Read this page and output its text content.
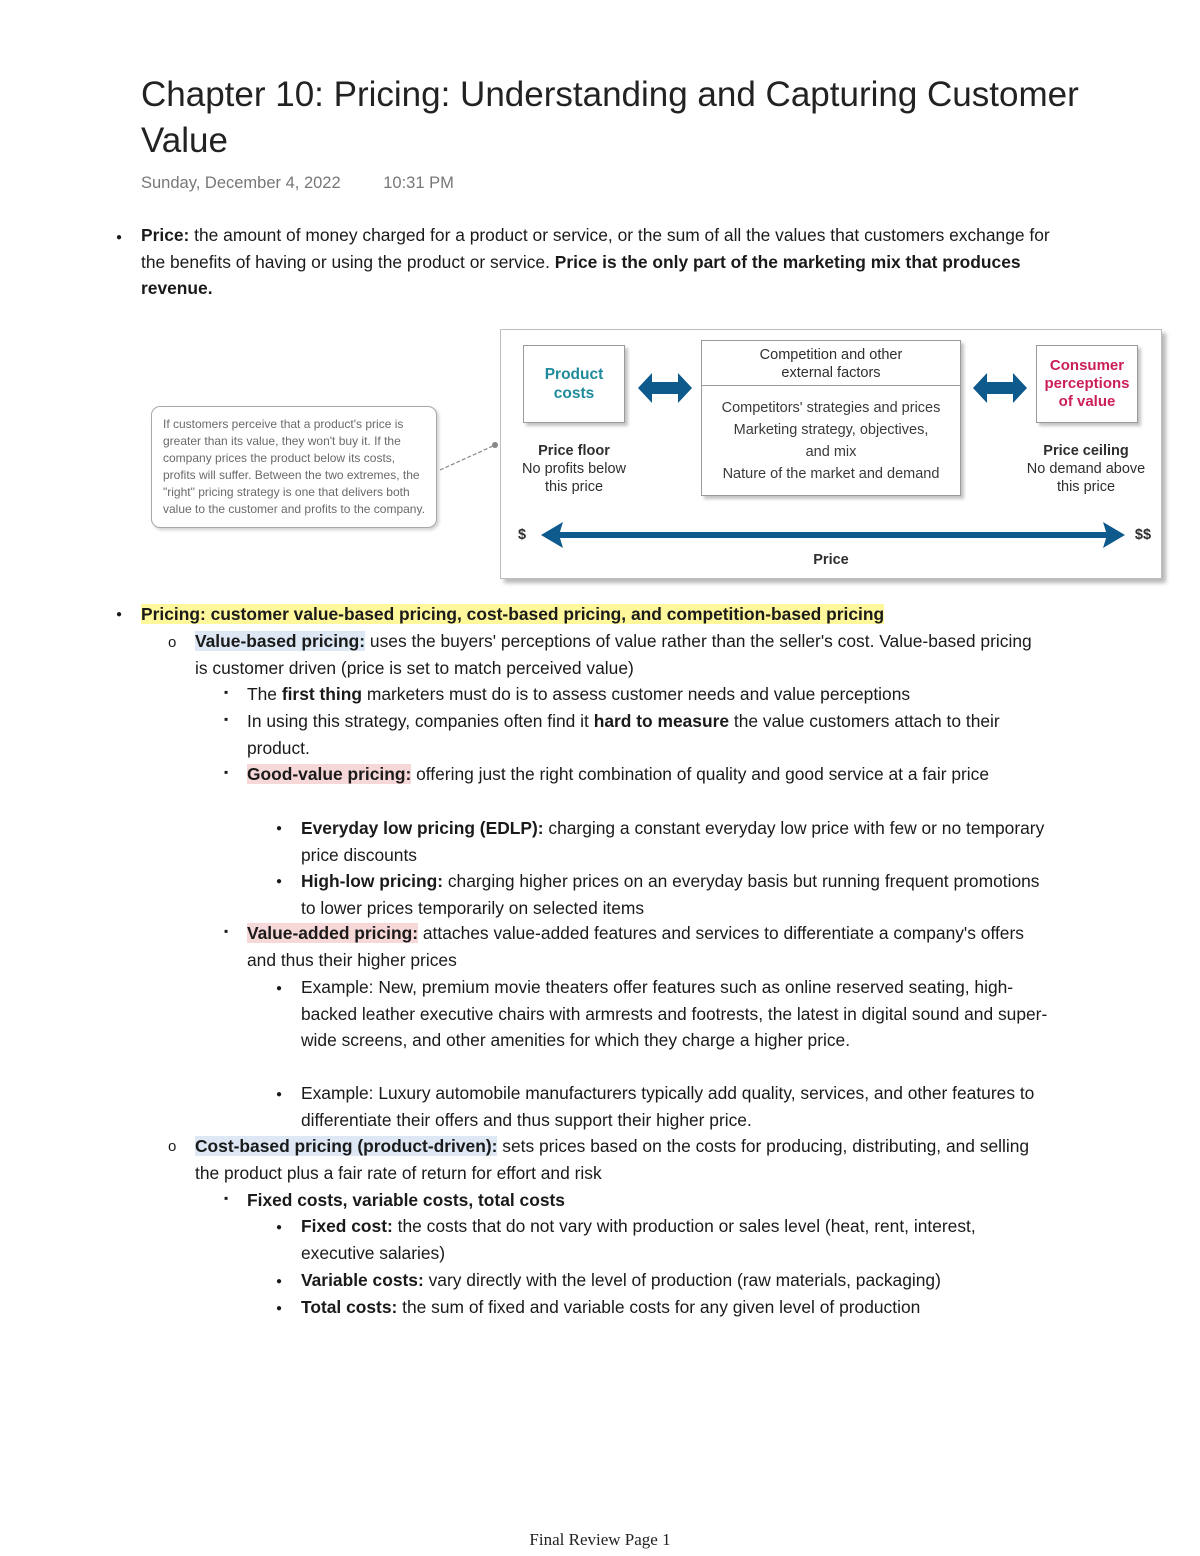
Chapter 10: Pricing: Understanding and Capturing Customer Value
Sunday, December 4, 2022	10:31 PM
● Price: the amount of money charged for a product or service, or the sum of all the values that customers exchange for the benefits of having or using the product or service. Price is the only part of the marketing mix that produces revenue.
If customers perceive that a product's price is greater than its value, they won't buy it. If the company prices the product below its costs, profits will suffer. Between the two extremes, the "right" pricing strategy is one that delivers both value to the customer and profits to the company.
Product
costs
Competition and other
external factors
Competitors' strategies and prices
Marketing strategy, objectives,
and mix
Nature of the market and demand
Consumer
perceptions
of value
Price floor
No profits below
this price
Price ceiling
No demand above
this price
$	$$
Price
● Pricing: customer value-based pricing, cost-based pricing, and competition-based pricing
o Value-based pricing: uses the buyers' perceptions of value rather than the seller's cost. Value-based pricing is customer driven (price is set to match perceived value)
▪ The first thing marketers must do is to assess customer needs and value perceptions
▪ In using this strategy, companies often find it hard to measure the value customers attach to their product.
▪ Good-value pricing: offering just the right combination of quality and good service at a fair price
● Everyday low pricing (EDLP): charging a constant everyday low price with few or no temporary price discounts
● High-low pricing: charging higher prices on an everyday basis but running frequent promotions to lower prices temporarily on selected items
▪ Value-added pricing: attaches value-added features and services to differentiate a company's offers and thus their higher prices
● Example: New, premium movie theaters offer features such as online reserved seating, high-backed leather executive chairs with armrests and footrests, the latest in digital sound and super-wide screens, and other amenities for which they charge a higher price.
● Example: Luxury automobile manufacturers typically add quality, services, and other features to differentiate their offers and thus support their higher price.
o Cost-based pricing (product-driven): sets prices based on the costs for producing, distributing, and selling the product plus a fair rate of return for effort and risk
▪ Fixed costs, variable costs, total costs
● Fixed cost: the costs that do not vary with production or sales level (heat, rent, interest, executive salaries)
● Variable costs: vary directly with the level of production (raw materials, packaging)
● Total costs: the sum of fixed and variable costs for any given level of production
Final Review Page 1
